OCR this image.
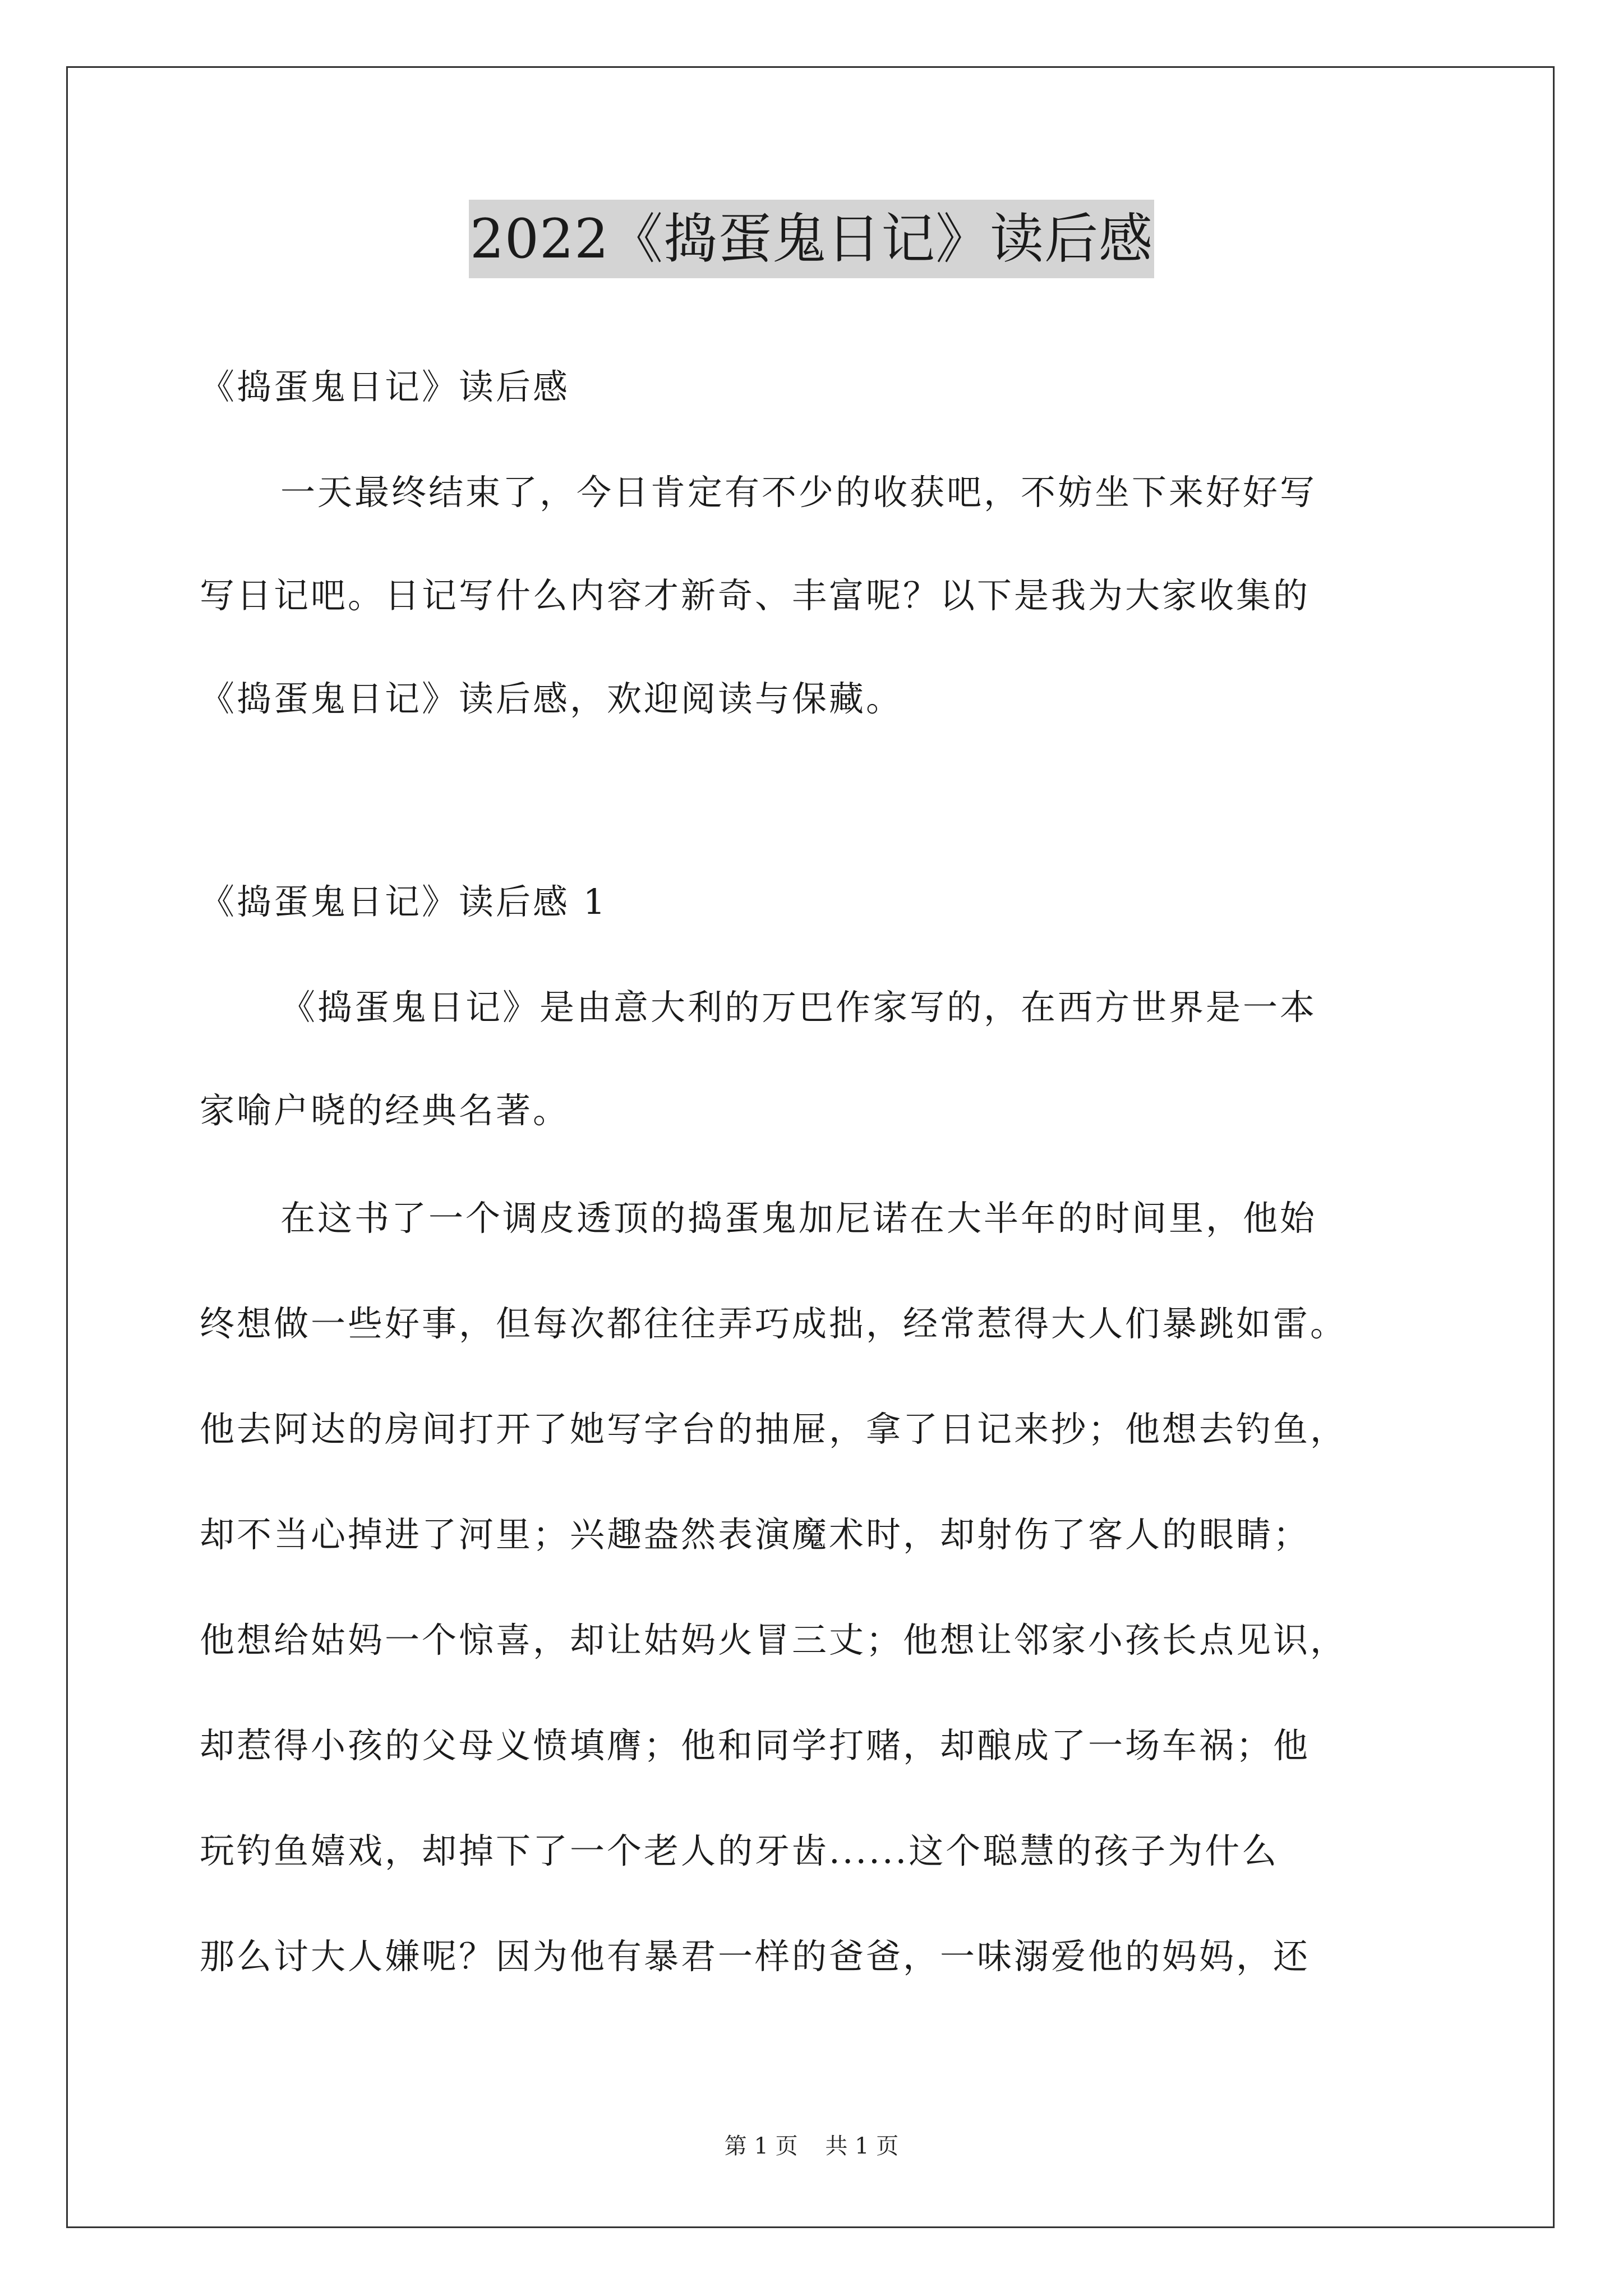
2022《捣蛋鬼日记》读后感
《捣蛋鬼日记》读后感
一天最终结束了，今日肯定有不少的收获吧，不妨坐下来好好写
写日记吧。日记写什么内容才新奇、丰富呢？以下是我为大家收集的
《捣蛋鬼日记》读后感，欢迎阅读与保藏。
《捣蛋鬼日记》读后感 1
《捣蛋鬼日记》是由意大利的万巴作家写的，在西方世界是一本
家喻户晓的经典名著。
在这书了一个调皮透顶的捣蛋鬼加尼诺在大半年的时间里，他始
终想做一些好事，但每次都往往弄巧成拙，经常惹得大人们暴跳如雷。
他去阿达的房间打开了她写字台的抽屉，拿了日记来抄；他想去钓鱼，
却不当心掉进了河里；兴趣盎然表演魔术时，却射伤了客人的眼睛；
他想给姑妈一个惊喜，却让姑妈火冒三丈；他想让邻家小孩长点见识，
却惹得小孩的父母义愤填膺；他和同学打赌，却酿成了一场车祸；他
玩钓鱼嬉戏，却掉下了一个老人的牙齿......这个聪慧的孩子为什么
那么讨大人嫌呢？因为他有暴君一样的爸爸，一味溺爱他的妈妈，还
第 1 页 共 1 页
